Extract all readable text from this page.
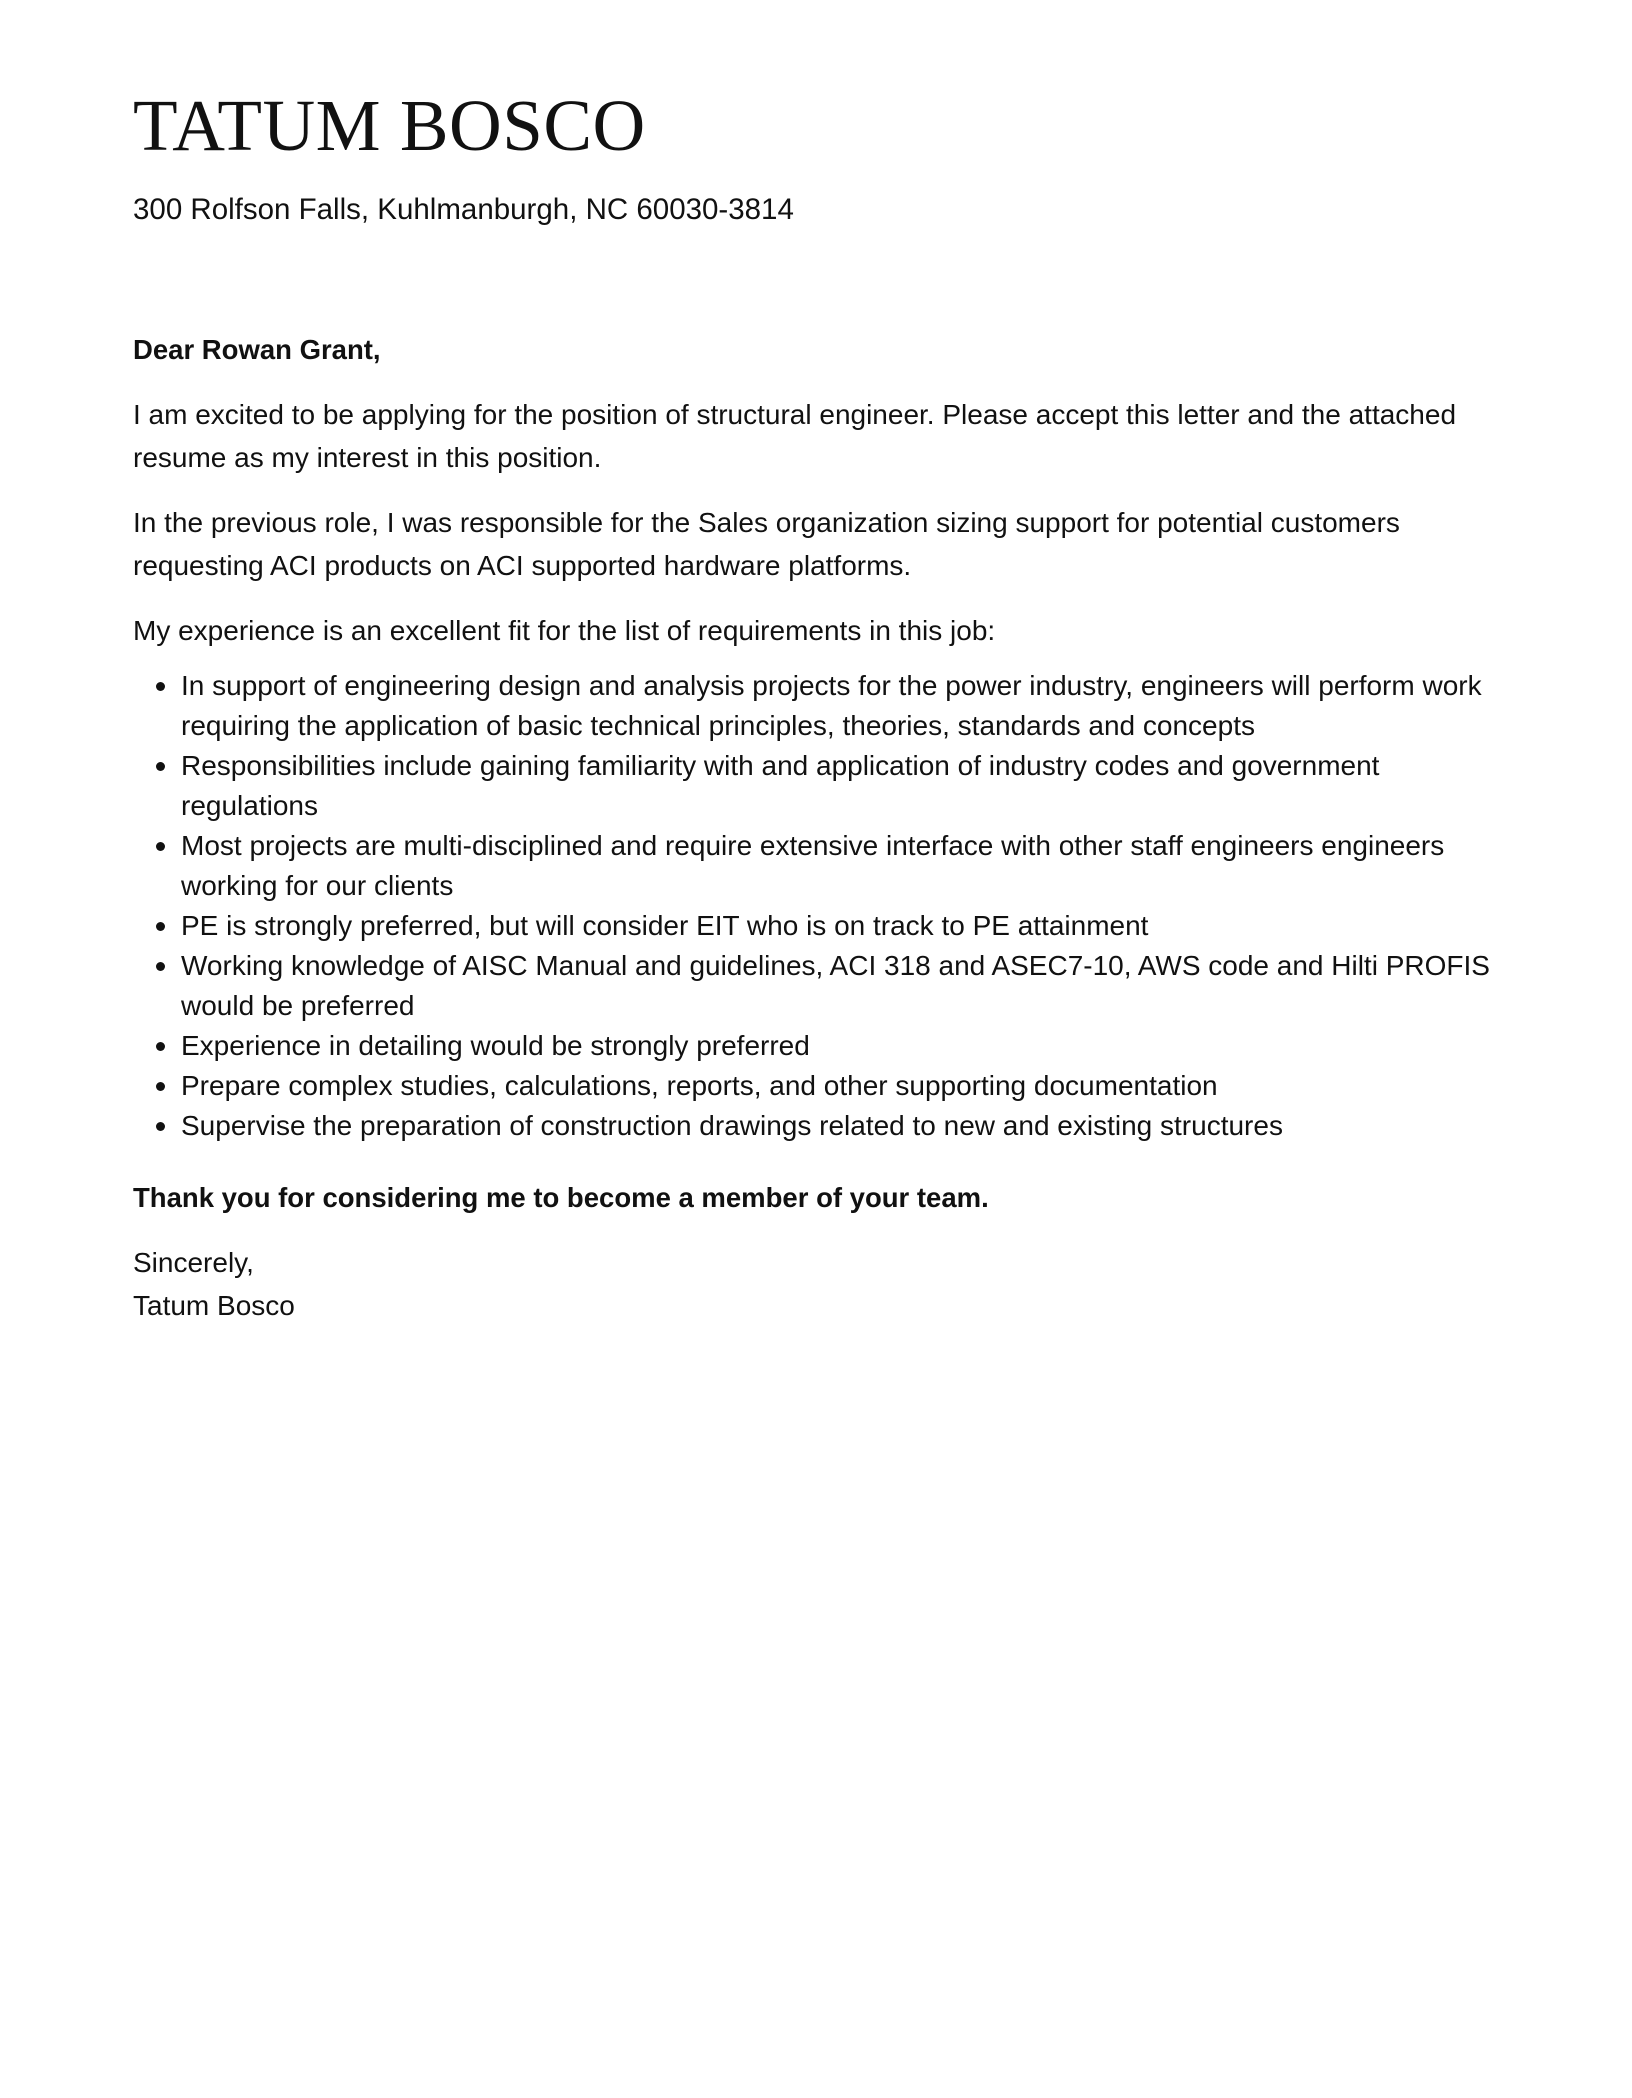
TATUM BOSCO

300 Rolfson Falls, Kuhlmanburgh, NC 60030-3814

Dear Rowan Grant,

I am excited to be applying for the position of structural engineer. Please accept this letter and the attached resume as my interest in this position.

In the previous role, I was responsible for the Sales organization sizing support for potential customers requesting ACI products on ACI supported hardware platforms.

My experience is an excellent fit for the list of requirements in this job:

In support of engineering design and analysis projects for the power industry, engineers will perform work requiring the application of basic technical principles, theories, standards and concepts
Responsibilities include gaining familiarity with and application of industry codes and government regulations
Most projects are multi-disciplined and require extensive interface with other staff engineers engineers working for our clients
PE is strongly preferred, but will consider EIT who is on track to PE attainment
Working knowledge of AISC Manual and guidelines, ACI 318 and ASEC7-10, AWS code and Hilti PROFIS would be preferred
Experience in detailing would be strongly preferred
Prepare complex studies, calculations, reports, and other supporting documentation
Supervise the preparation of construction drawings related to new and existing structures

Thank you for considering me to become a member of your team.

Sincerely,

Tatum Bosco
